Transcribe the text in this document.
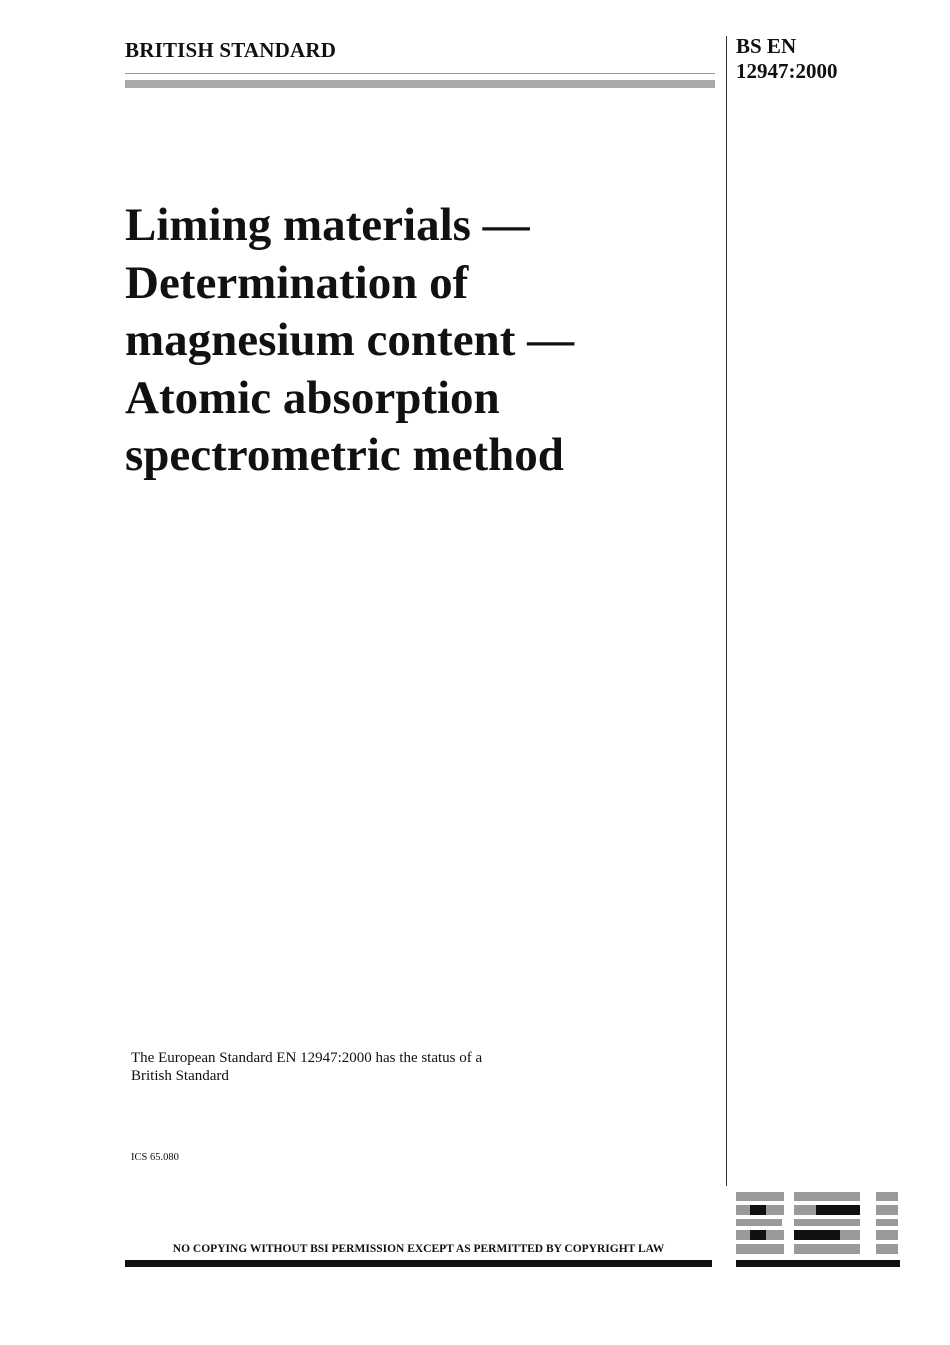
BRITISH STANDARD	BS EN
12947:2000
Liming materials —
Determination of
magnesium content —
Atomic absorption
spectrometric method
The European Standard EN 12947:2000 has the status of a
British Standard
ICS 65.080
NO COPYING WITHOUT BSI PERMISSION EXCEPT AS PERMITTED BY COPYRIGHT LAW
